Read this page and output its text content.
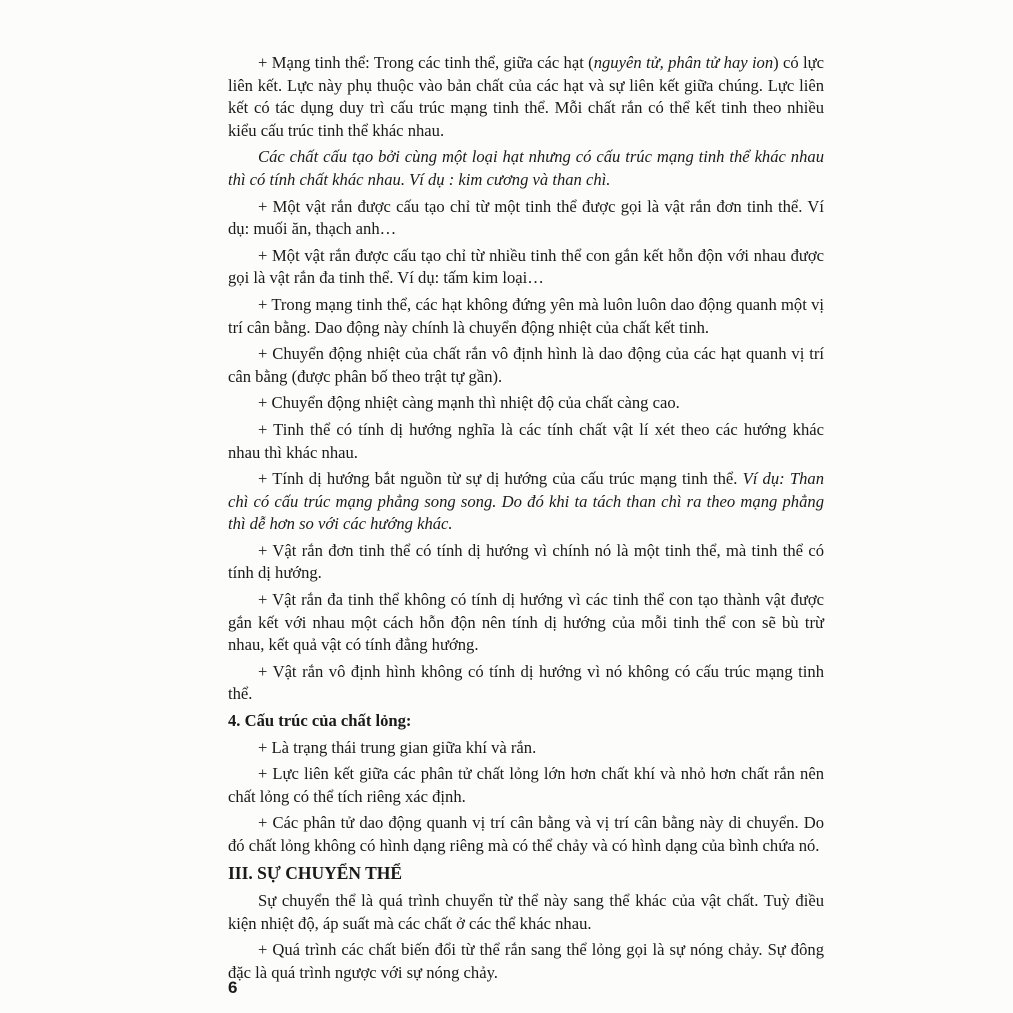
+ Mạng tinh thể: Trong các tinh thể, giữa các hạt (nguyên tử, phân tử hay ion) có lực liên kết. Lực này phụ thuộc vào bản chất của các hạt và sự liên kết giữa chúng. Lực liên kết có tác dụng duy trì cấu trúc mạng tinh thể. Mỗi chất rắn có thể kết tinh theo nhiều kiểu cấu trúc tinh thể khác nhau.

Các chất cấu tạo bởi cùng một loại hạt nhưng có cấu trúc mạng tinh thể khác nhau thì có tính chất khác nhau. Ví dụ : kim cương và than chì.

+ Một vật rắn được cấu tạo chỉ từ một tinh thể được gọi là vật rắn đơn tinh thể. Ví dụ: muối ăn, thạch anh…

+ Một vật rắn được cấu tạo chỉ từ nhiều tinh thể con gắn kết hỗn độn với nhau được gọi là vật rắn đa tinh thể. Ví dụ: tấm kim loại…

+ Trong mạng tinh thể, các hạt không đứng yên mà luôn luôn dao động quanh một vị trí cân bằng. Dao động này chính là chuyển động nhiệt của chất kết tinh.

+ Chuyển động nhiệt của chất rắn vô định hình là dao động của các hạt quanh vị trí cân bằng (được phân bố theo trật tự gần).

+ Chuyển động nhiệt càng mạnh thì nhiệt độ của chất càng cao.

+ Tinh thể có tính dị hướng nghĩa là các tính chất vật lí xét theo các hướng khác nhau thì khác nhau.

+ Tính dị hướng bắt nguồn từ sự dị hướng của cấu trúc mạng tinh thể. Ví dụ: Than chì có cấu trúc mạng phẳng song song. Do đó khi ta tách than chì ra theo mạng phẳng thì dễ hơn so với các hướng khác.

+ Vật rắn đơn tinh thể có tính dị hướng vì chính nó là một tinh thể, mà tinh thể có tính dị hướng.

+ Vật rắn đa tinh thể không có tính dị hướng vì các tinh thể con tạo thành vật được gắn kết với nhau một cách hỗn độn nên tính dị hướng của mỗi tinh thể con sẽ bù trừ nhau, kết quả vật có tính đẳng hướng.

+ Vật rắn vô định hình không có tính dị hướng vì nó không có cấu trúc mạng tinh thể.

4. Cấu trúc của chất lỏng:

+ Là trạng thái trung gian giữa khí và rắn.

+ Lực liên kết giữa các phân tử chất lỏng lớn hơn chất khí và nhỏ hơn chất rắn nên chất lỏng có thể tích riêng xác định.

+ Các phân tử dao động quanh vị trí cân bằng và vị trí cân bằng này di chuyển. Do đó chất lỏng không có hình dạng riêng mà có thể chảy và có hình dạng của bình chứa nó.

III. SỰ CHUYỂN THỂ

Sự chuyển thể là quá trình chuyển từ thể này sang thể khác của vật chất. Tuỳ điều kiện nhiệt độ, áp suất mà các chất ở các thể khác nhau.

+ Quá trình các chất biến đổi từ thể rắn sang thể lỏng gọi là sự nóng chảy. Sự đông đặc là quá trình ngược với sự nóng chảy.

6
